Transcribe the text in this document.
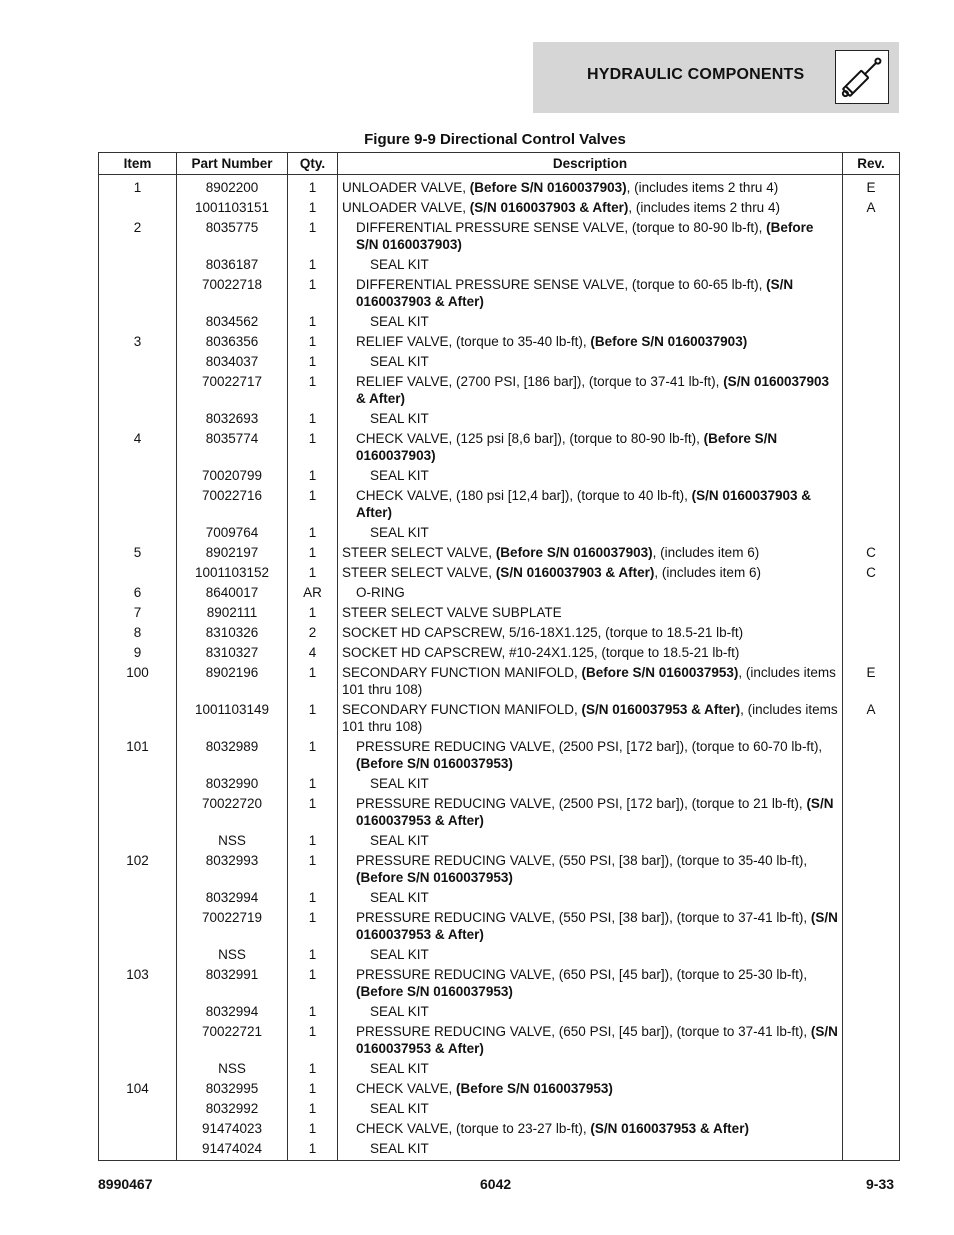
HYDRAULIC COMPONENTS
Figure 9-9 Directional Control Valves
Item	Part Number	Qty.	Description	Rev.
1	8902200	1	UNLOADER VALVE, (Before S/N 0160037903), (includes items 2 thru 4)	E
	1001103151	1	UNLOADER VALVE, (S/N 0160037903 & After), (includes items 2 thru 4)	A
2	8035775	1	DIFFERENTIAL PRESSURE SENSE VALVE, (torque to 80-90 lb-ft), (Before S/N 0160037903)	

	8036187	1	SEAL KIT	

	70022718	1	DIFFERENTIAL PRESSURE SENSE VALVE, (torque to 60-65 lb-ft), (S/N 0160037903 & After)	

	8034562	1	SEAL KIT	

3	8036356	1	RELIEF VALVE, (torque to 35-40 lb-ft), (Before S/N 0160037903)	

	8034037	1	SEAL KIT	

	70022717	1	RELIEF VALVE, (2700 PSI, [186 bar]), (torque to 37-41 lb-ft), (S/N 0160037903 & After)	

	8032693	1	SEAL KIT	

4	8035774	1	CHECK VALVE, (125 psi [8,6 bar]), (torque to 80-90 lb-ft), (Before S/N 0160037903)	

	70020799	1	SEAL KIT	

	70022716	1	CHECK VALVE, (180 psi [12,4 bar]), (torque to 40 lb-ft), (S/N 0160037903 & After)	

	7009764	1	SEAL KIT	

5	8902197	1	STEER SELECT VALVE, (Before S/N 0160037903), (includes item 6)	C
	1001103152	1	STEER SELECT VALVE, (S/N 0160037903 & After), (includes item 6)	C
6	8640017	AR	O-RING	

7	8902111	1	STEER SELECT VALVE SUBPLATE	

8	8310326	2	SOCKET HD CAPSCREW, 5/16-18X1.125, (torque to 18.5-21 lb-ft)	

9	8310327	4	SOCKET HD CAPSCREW, #10-24X1.125, (torque to 18.5-21 lb-ft)	

100	8902196	1	SECONDARY FUNCTION MANIFOLD, (Before S/N 0160037953), (includes items 101 thru 108)	E
	1001103149	1	SECONDARY FUNCTION MANIFOLD, (S/N 0160037953 & After), (includes items 101 thru 108)	A
101	8032989	1	PRESSURE REDUCING VALVE, (2500 PSI, [172 bar]), (torque to 60-70 lb-ft), (Before S/N 0160037953)	

	8032990	1	SEAL KIT	

	70022720	1	PRESSURE REDUCING VALVE, (2500 PSI, [172 bar]), (torque to 21 lb-ft), (S/N 0160037953 & After)	

	NSS	1	SEAL KIT	

102	8032993	1	PRESSURE REDUCING VALVE, (550 PSI, [38 bar]), (torque to 35-40 lb-ft), (Before S/N 0160037953)	

	8032994	1	SEAL KIT	

	70022719	1	PRESSURE REDUCING VALVE, (550 PSI, [38 bar]), (torque to 37-41 lb-ft), (S/N 0160037953 & After)	

	NSS	1	SEAL KIT	

103	8032991	1	PRESSURE REDUCING VALVE, (650 PSI, [45 bar]), (torque to 25-30 lb-ft), (Before S/N 0160037953)	

	8032994	1	SEAL KIT	

	70022721	1	PRESSURE REDUCING VALVE, (650 PSI, [45 bar]), (torque to 37-41 lb-ft), (S/N 0160037953 & After)	

	NSS	1	SEAL KIT	

104	8032995	1	CHECK VALVE, (Before S/N 0160037953)	

	8032992	1	SEAL KIT	

	91474023	1	CHECK VALVE, (torque to 23-27 lb-ft), (S/N 0160037953 & After)	

	91474024	1	SEAL KIT	

8990467	6042	9-33
